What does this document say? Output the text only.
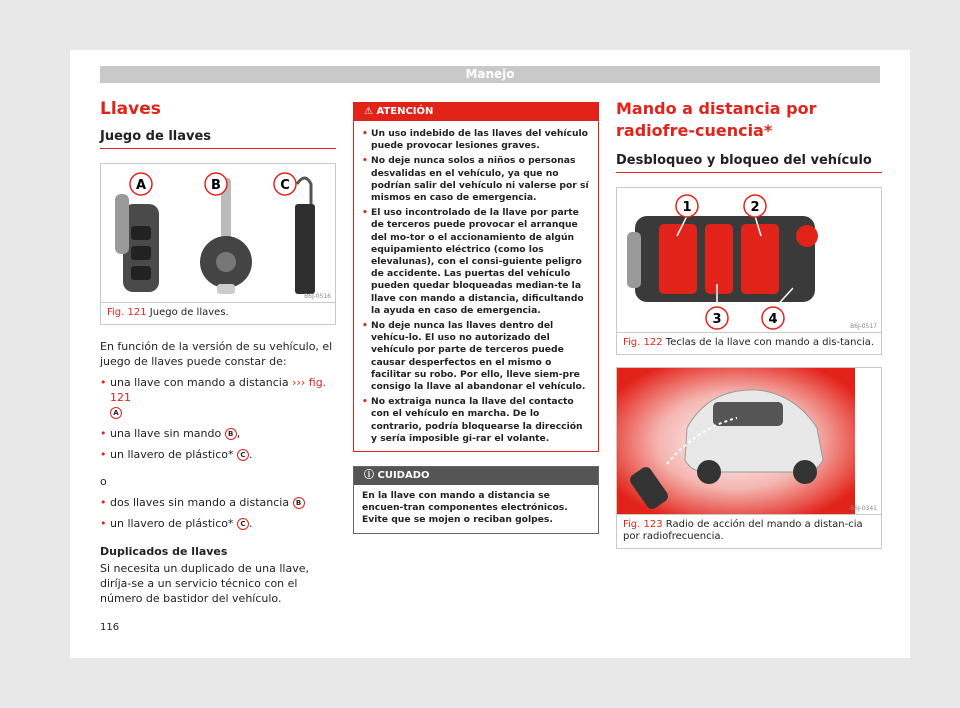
Manejo
Llaves
Juego de llaves
A	B	C
B6J-0516
Fig. 121 Juego de llaves.
En función de la versión de su vehículo, el juego de llaves puede constar de:
• una llave con mando a distancia ››› fig. 121
A
• una llave sin mando B ,
• un llavero de plástico* C .
o
• dos llaves sin mando a distancia B
• un llavero de plástico* C .
Duplicados de llaves
Si necesita un duplicado de una llave, diríja-se a un servicio técnico con el número de bastidor del vehículo.
⚠ ATENCIÓN
• Un uso indebido de las llaves del vehículo puede provocar lesiones graves.
• No deje nunca solos a niños o personas desvalidas en el vehículo, ya que no podrían salir del vehículo ni valerse por sí mismos en caso de emergencia.
• El uso incontrolado de la llave por parte de terceros puede provocar el arranque del mo-tor o el accionamiento de algún equipamiento eléctrico (como los elevalunas), con el consi-guiente peligro de accidente. Las puertas del vehículo pueden quedar bloqueadas median-te la llave con mando a distancia, dificultando la ayuda en caso de emergencia.
• No deje nunca las llaves dentro del vehícu-lo. El uso no autorizado del vehículo por parte de terceros puede causar desperfectos en el mismo o facilitar su robo. Por ello, lleve siem-pre consigo la llave al abandonar el vehículo.
• No extraiga nunca la llave del contacto con el vehículo en marcha. De lo contrario, podría bloquearse la dirección y sería imposible gi-rar el volante.
ⓘ CUIDADO
En la llave con mando a distancia se encuen-tran componentes electrónicos. Evite que se mojen o reciban golpes.
Mando a distancia por radiofre-cuencia*
Desbloqueo y bloqueo del vehículo
1	2
3	4	B6J-0517
Fig. 122 Teclas de la llave con mando a dis-tancia.
B6J-0341
Fig. 123 Radio de acción del mando a distan-cia por radiofrecuencia.
116
